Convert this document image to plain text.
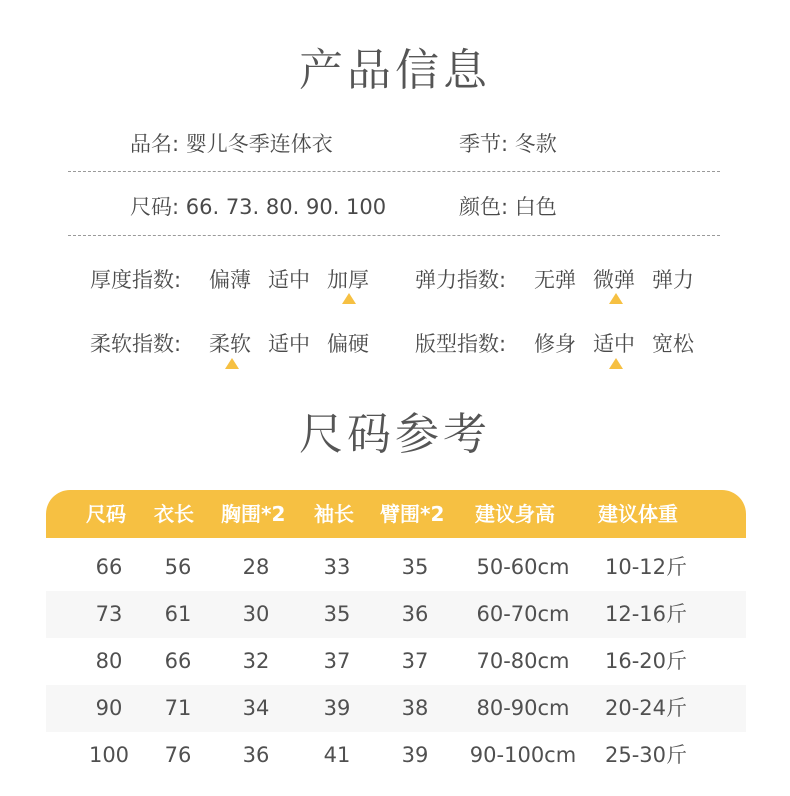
产品信息
品名: 婴儿冬季连体衣	季节: 冬款
尺码: 66. 73. 80. 90. 100	颜色: 白色
厚度指数: 偏薄 适中 加厚 弹力指数: 无弹 微弹 弹力
柔软指数: 柔软 适中 偏硬 版型指数: 修身 适中 宽松
尺码参考
尺码 衣长 胸围*2 袖长 臂围*2 建议身高 建议体重
66	56	28	33	35	50-60cm	10-12斤
73	61	30	35	36	60-70cm	12-16斤
80	66	32	37	37	70-80cm	16-20斤
90	71	34	39	38	80-90cm	20-24斤
100	76	36	41	39	90-100cm	25-30斤
